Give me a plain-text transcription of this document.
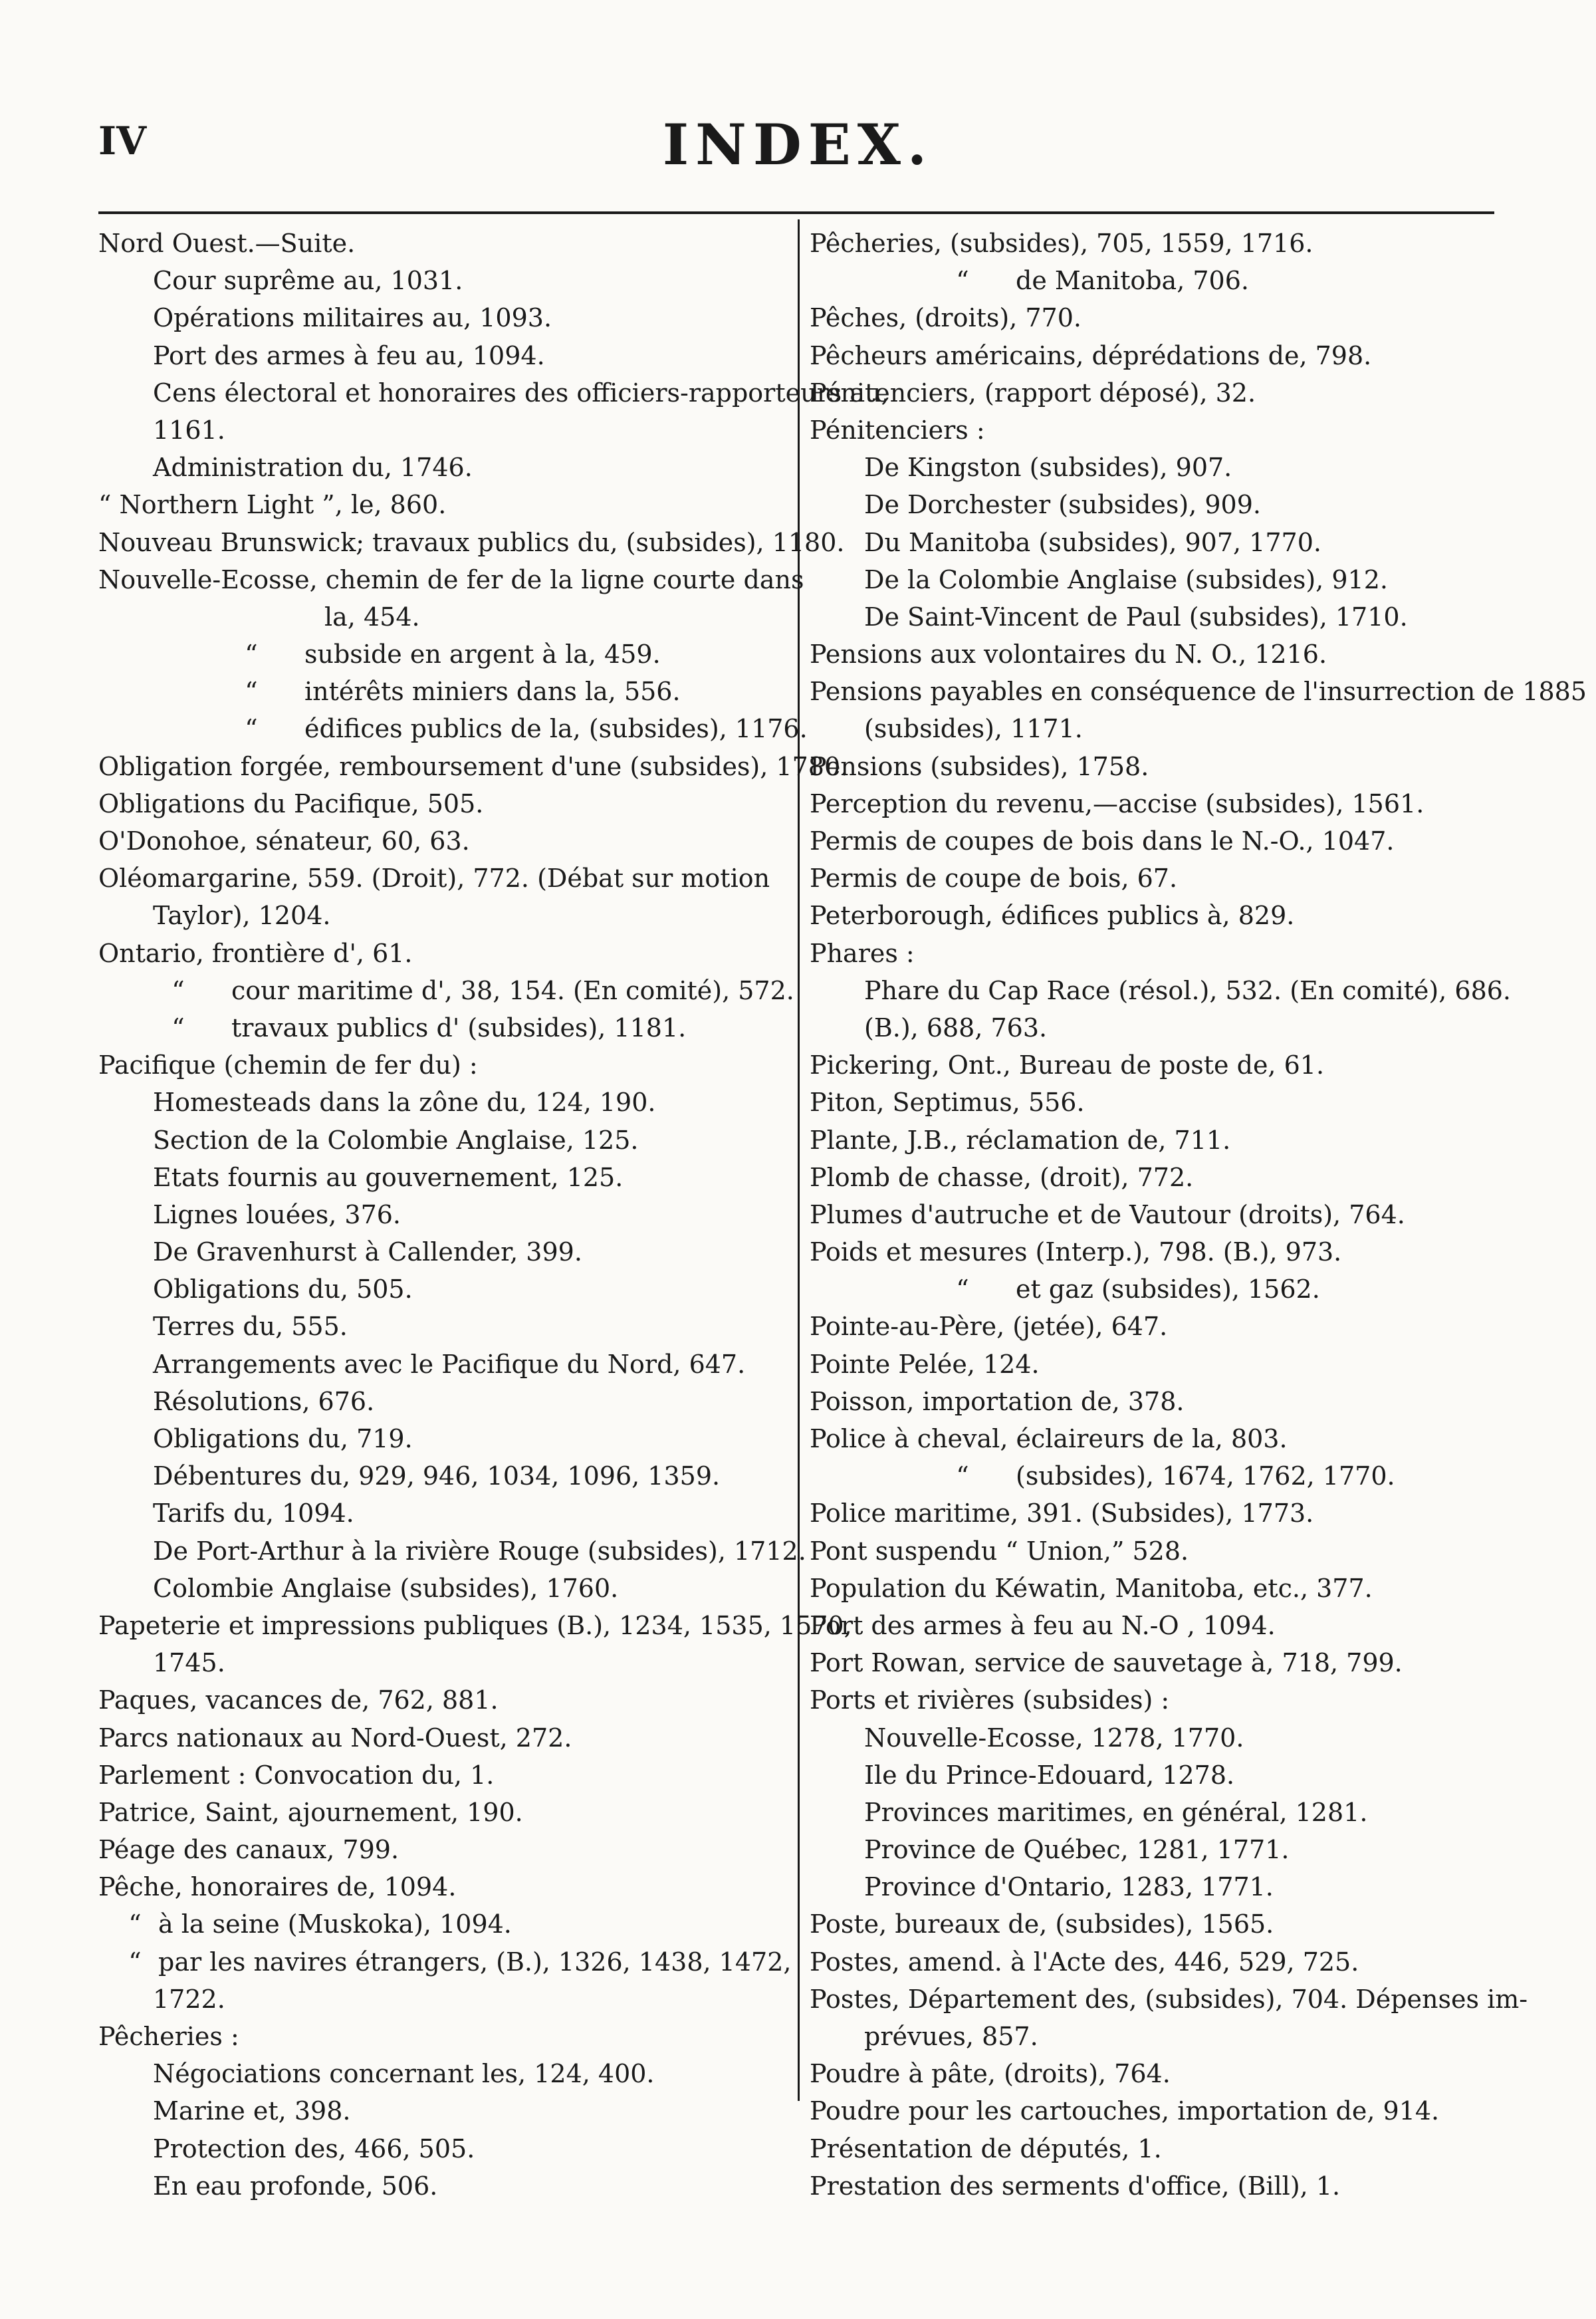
IV	INDEX.
Nord Ouest.—Suite.
Cour suprême au, 1031.
Opérations militaires au, 1093.
Port des armes à feu au, 1094.
Cens électoral et honoraires des officiers-rapporteurs au,
1161.
Administration du, 1746.
“ Northern Light ”, le, 860.
Nouveau Brunswick; travaux publics du, (subsides), 1180.
Nouvelle-Ecosse, chemin de fer de la ligne courte dans
la, 454.
“ subside en argent à la, 459.
“ intérêts miniers dans la, 556.
“ édifices publics de la, (subsides), 1176.
Obligation forgée, remboursement d'une (subsides), 1780.
Obligations du Pacifique, 505.
O'Donohoe, sénateur, 60, 63.
Oléomargarine, 559. (Droit), 772. (Débat sur motion
Taylor), 1204.
Ontario, frontière d', 61.
“ cour maritime d', 38, 154. (En comité), 572.
“ travaux publics d' (subsides), 1181.
Pacifique (chemin de fer du) :
Homesteads dans la zône du, 124, 190.
Section de la Colombie Anglaise, 125.
Etats fournis au gouvernement, 125.
Lignes louées, 376.
De Gravenhurst à Callender, 399.
Obligations du, 505.
Terres du, 555.
Arrangements avec le Pacifique du Nord, 647.
Résolutions, 676.
Obligations du, 719.
Débentures du, 929, 946, 1034, 1096, 1359.
Tarifs du, 1094.
De Port-Arthur à la rivière Rouge (subsides), 1712.
Colombie Anglaise (subsides), 1760.
Papeterie et impressions publiques (B.), 1234, 1535, 1570,
1745.
Paques, vacances de, 762, 881.
Parcs nationaux au Nord-Ouest, 272.
Parlement : Convocation du, 1.
Patrice, Saint, ajournement, 190.
Péage des canaux, 799.
Pêche, honoraires de, 1094.
“ à la seine (Muskoka), 1094.
“ par les navires étrangers, (B.), 1326, 1438, 1472,
1722.
Pêcheries :
Négociations concernant les, 124, 400.
Marine et, 398.
Protection des, 466, 505.
En eau profonde, 506.
Pêcheries, (subsides), 705, 1559, 1716.
“ de Manitoba, 706.
Pêches, (droits), 770.
Pêcheurs américains, déprédations de, 798.
Pénitenciers, (rapport déposé), 32.
Pénitenciers :
De Kingston (subsides), 907.
De Dorchester (subsides), 909.
Du Manitoba (subsides), 907, 1770.
De la Colombie Anglaise (subsides), 912.
De Saint-Vincent de Paul (subsides), 1710.
Pensions aux volontaires du N. O., 1216.
Pensions payables en conséquence de l'insurrection de 1885
(subsides), 1171.
Pensions (subsides), 1758.
Perception du revenu,—accise (subsides), 1561.
Permis de coupes de bois dans le N.-O., 1047.
Permis de coupe de bois, 67.
Peterborough, édifices publics à, 829.
Phares :
Phare du Cap Race (résol.), 532. (En comité), 686.
(B.), 688, 763.
Pickering, Ont., Bureau de poste de, 61.
Piton, Septimus, 556.
Plante, J.B., réclamation de, 711.
Plomb de chasse, (droit), 772.
Plumes d'autruche et de Vautour (droits), 764.
Poids et mesures (Interp.), 798. (B.), 973.
“ et gaz (subsides), 1562.
Pointe-au-Père, (jetée), 647.
Pointe Pelée, 124.
Poisson, importation de, 378.
Police à cheval, éclaireurs de la, 803.
“ (subsides), 1674, 1762, 1770.
Police maritime, 391. (Subsides), 1773.
Pont suspendu “ Union,” 528.
Population du Kéwatin, Manitoba, etc., 377.
Port des armes à feu au N.-O , 1094.
Port Rowan, service de sauvetage à, 718, 799.
Ports et rivières (subsides) :
Nouvelle-Ecosse, 1278, 1770.
Ile du Prince-Edouard, 1278.
Provinces maritimes, en général, 1281.
Province de Québec, 1281, 1771.
Province d'Ontario, 1283, 1771.
Poste, bureaux de, (subsides), 1565.
Postes, amend. à l'Acte des, 446, 529, 725.
Postes, Département des, (subsides), 704. Dépenses im-
prévues, 857.
Poudre à pâte, (droits), 764.
Poudre pour les cartouches, importation de, 914.
Présentation de députés, 1.
Prestation des serments d'office, (Bill), 1.
